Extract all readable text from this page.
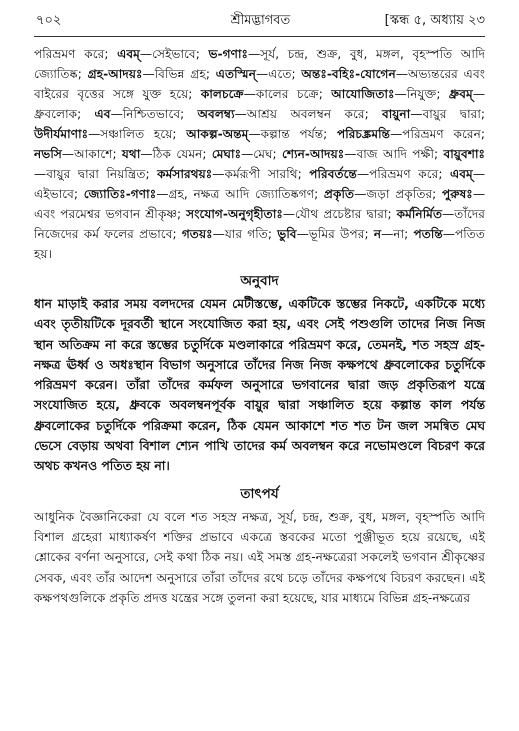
৭০২	শ্রীমদ্ভাগবত	[স্কন্ধ ৫, অধ্যায় ২৩

পরিভ্রমণ করে; এবম্—সেইভাবে; ভ-গণাঃ—সূর্য, চন্দ্র, শুক্র, বুধ, মঙ্গল, বৃহস্পতি আদি জ্যোতিষ্ক; গ্রহ-আদয়ঃ—বিভিন্ন গ্রহ; এতস্মিন্—এতে; অন্তঃ-বহিঃ-যোগেন—অভ্যন্তরের এবং বাইরের বৃত্তের সঙ্গে যুক্ত হয়ে; কালচক্রে—কালের চক্রে; আযোজিতাঃ—নিযুক্ত; ধ্রুবম্—ধ্রুবলোক; এব—নিশ্চিতভাবে; অবলম্ব্য—আশ্রয় অবলম্বন করে; বায়ুনা—বায়ুর দ্বারা; উদীর্যমাণাঃ—সঞ্চালিত হয়ে; আকল্প-অন্তম্—কল্পান্ত পর্যন্ত; পরিচঙ্ক্রমন্তি—পরিভ্রমণ করেন; নভসি—আকাশে; যথা—ঠিক যেমন; মেঘাঃ—মেঘ; শ্যেন-আদয়ঃ—বাজ আদি পক্ষী; বায়ুবশাঃ—বায়ুর দ্বারা নিয়ন্ত্রিত; কর্মসারথয়ঃ—কর্মরূপী সারথি; পরিবর্তন্তে—পরিভ্রমণ করে; এবম্—এইভাবে; জ্যোতিঃ-গণাঃ—গ্রহ, নক্ষত্র আদি জ্যোতিষ্কগণ; প্রকৃতি—জড়া প্রকৃতির; পুরুষঃ—এবং পরমেশ্বর ভগবান শ্রীকৃষ্ণ; সংযোগ-অনুগৃহীতাঃ—যৌথ প্রচেষ্টার দ্বারা; কর্মনির্মিত—তাঁদের নিজেদের কর্ম ফলের প্রভাবে; গতয়ঃ—যার গতি; ভুবি—ভূমির উপর; ন—না; পতন্তি—পতিত হয়।

অনুবাদ

ধান মাড়াই করার সময় বলদদের যেমন মেটীস্তম্ভে, একটিকে স্তম্ভের নিকটে, একটিকে মধ্যে এবং তৃতীয়টিকে দূরবর্তী স্থানে সংযোজিত করা হয়, এবং সেই পশুগুলি তাদের নিজ নিজ স্থান অতিক্রম না করে স্তম্ভের চতুর্দিকে মণ্ডলাকারে পরিভ্রমণ করে, তেমনই, শত সহস্র গ্রহ-নক্ষত্র ঊর্ধ্ব ও অধঃস্থান বিভাগ অনুসারে তাঁদের নিজ নিজ কক্ষপথে ধ্রুবলোকের চতুর্দিকে পরিভ্রমণ করেন। তাঁরা তাঁদের কর্মফল অনুসারে ভগবানের দ্বারা জড় প্রকৃতিরূপ যন্ত্রে সংযোজিত হয়ে, ধ্রুবকে অবলম্বনপূর্বক বায়ুর দ্বারা সঞ্চালিত হয়ে কল্পান্ত কাল পর্যন্ত ধ্রুবলোকের চতুর্দিকে পরিক্রমা করেন, ঠিক যেমন আকাশে শত শত টন জল সমন্বিত মেঘ ভেসে বেড়ায় অথবা বিশাল শ্যেন পাখি তাদের কর্ম অবলম্বন করে নভোমণ্ডলে বিচরণ করে অথচ কখনও পতিত হয় না।

তাৎপর্য

আধুনিক বৈজ্ঞানিকেরা যে বলে শত সহস্র নক্ষত্র, সূর্য, চন্দ্র, শুক্র, বুধ, মঙ্গল, বৃহস্পতি আদি বিশাল গ্রহেরা মাধ্যাকর্ষণ শক্তির প্রভাবে একত্রে স্তবকের মতো পুঞ্জীভূত হয়ে রয়েছে, এই শ্লোকের বর্ণনা অনুসারে, সেই কথা ঠিক নয়। এই সমস্ত গ্রহ-নক্ষত্রেরা সকলেই ভগবান শ্রীকৃষ্ণের সেবক, এবং তাঁর আদেশ অনুসারে তাঁরা তাঁদের রথে চড়ে তাঁদের কক্ষপথে বিচরণ করছেন। এই কক্ষপথগুলিকে প্রকৃতি প্রদত্ত যন্ত্রের সঙ্গে তুলনা করা হয়েছে, যার মাধ্যমে বিভিন্ন গ্রহ-নক্ষত্রের
